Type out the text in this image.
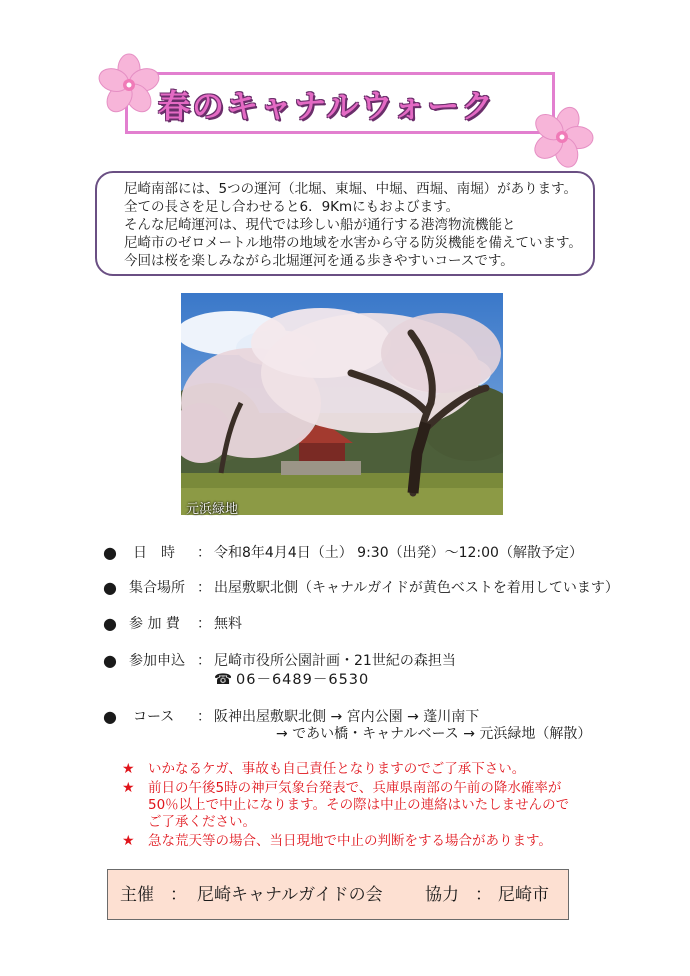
春のキャナルウォーク
尼崎南部には、5つの運河（北堀、東堀、中堀、西堀、南堀）があります。
全ての長さを足し合わせると6．9Kmにもおよびます。
そんな尼崎運河は、現代では珍しい船が通行する港湾物流機能と
尼崎市のゼロメートル地帯の地域を水害から守る防災機能を備えています。
今回は桜を楽しみながら北堀運河を通る歩きやすいコースです。
元浜緑地
● 日　時 ： 令和8年4月4日（土） 9:30（出発）～12:00（解散予定）
● 集合場所 ： 出屋敷駅北側（キャナルガイドが黄色ベストを着用しています）
● 参 加 費 ： 無料
● 参加申込 ： 尼崎市役所公園計画・21世紀の森担当
☎ 06－6489－6530
● コース ： 阪神出屋敷駅北側 → 宮内公園 → 蓬川南下
→ であい橋・キャナルベース → 元浜緑地（解散）
★ いかなるケガ、事故も自己責任となりますのでご了承下さい。
★ 前日の午後5時の神戸気象台発表で、兵庫県南部の午前の降水確率が
50％以上で中止になります。その際は中止の連絡はいたしませんので
ご了承ください。
★ 急な荒天等の場合、当日現地で中止の判断をする場合があります。
主催 ： 尼崎キャナルガイドの会 協力 ： 尼崎市
